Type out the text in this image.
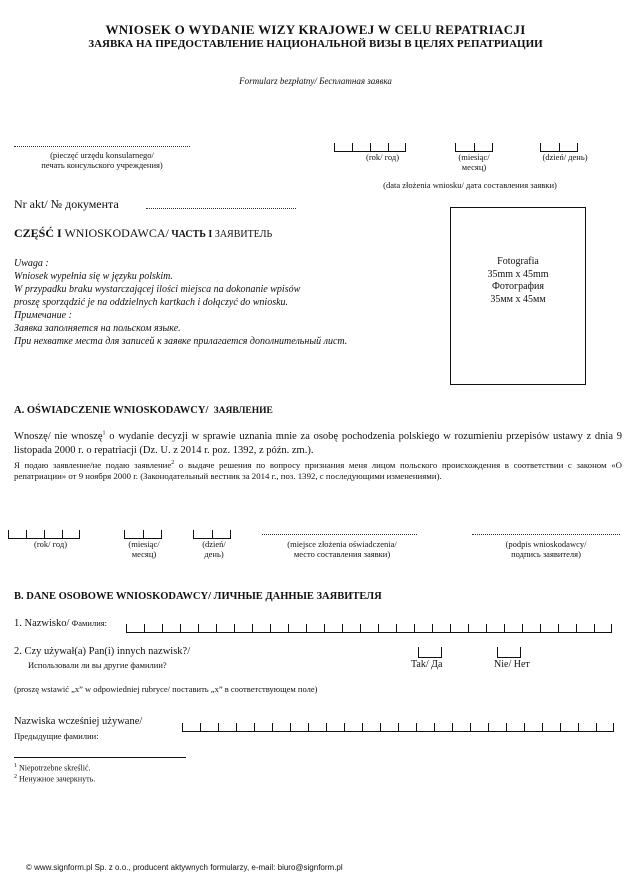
WNIOSEK O WYDANIE WIZY KRAJOWEJ W CELU REPATRIACJI
ЗАЯВКА НА ПРЕДОСТАВЛЕНИЕ НАЦИОНАЛЬНОЙ ВИЗЫ В ЦЕЛЯХ РЕПАТРИАЦИИ
Formularz bezpłatny/ Бесплатная заявка
(pieczęć urzędu konsularnego/
печать консульского учреждения)
(rok/ год)	(miesiąc/
месяц)
(dzień/ день)
(data złożenia wniosku/ дата составления заявки)
Nr akt/ № документа
CZĘŚĆ I WNIOSKODAWCA/ ЧАСТЬ I ЗАЯВИТЕЛЬ
Uwaga :
Wniosek wypełnia się w języku polskim.
W przypadku braku wystarczającej ilości miejsca na dokonanie wpisów
proszę sporządzić je na oddzielnych kartkach i dołączyć do wniosku.
Примечание :
Заявка заполняется на польском языке.
При нехватке места для записей к заявке прилагается дополнительный лист.
Fotografia
35mm x 45mm
Фотография
35мм x 45мм
A. OŚWIADCZENIE WNIOSKODAWCY/ ЗАЯВЛЕНИЕ
Wnoszę/ nie wnoszę$^1$ o wydanie decyzji w sprawie uznania mnie za osobę pochodzenia polskiego w rozumieniu przepisów ustawy z dnia 9 listopada 2000 r. o repatriacji (Dz. U. z 2014 r. poz. 1392, z późn. zm.).
Я подаю заявление/не подаю заявление$^2$ о выдаче решения по вопросу признания меня лицом польского происхождения в соответствии с законом «О репатриации» от 9 ноября 2000 г. (Законодательный вестник за 2014 г., поз. 1392, с последующими изменениями).
(rok/ год)	(miesiąc/
месяц)
(dzień/
день)
(miejsce złożenia oświadczenia/
место составления заявки)
(podpis wnioskodawcy/
подпись заявителя)
B. DANE OSOBOWE WNIOSKODAWCY/ ЛИЧНЫЕ ДАННЫЕ ЗАЯВИТЕЛЯ
1. Nazwisko/ Фамилия:
2. Czy używał(a) Pan(i) innych nazwisk?/
Использовали ли вы другие фамилии?	Tak/ Да	Nie/ Нет
(proszę wstawić „x” w odpowiedniej rubryce/ поставить „x” в соответствующем поле)
Nazwiska wcześniej używane/
Предыдущие фамилии:
$^1$ Niepotrzebne skreślić.
$^2$ Ненужное зачеркнуть.
© www.signform.pl Sp. z o.o., producent aktywnych formularzy, e-mail: biuro@signform.pl
